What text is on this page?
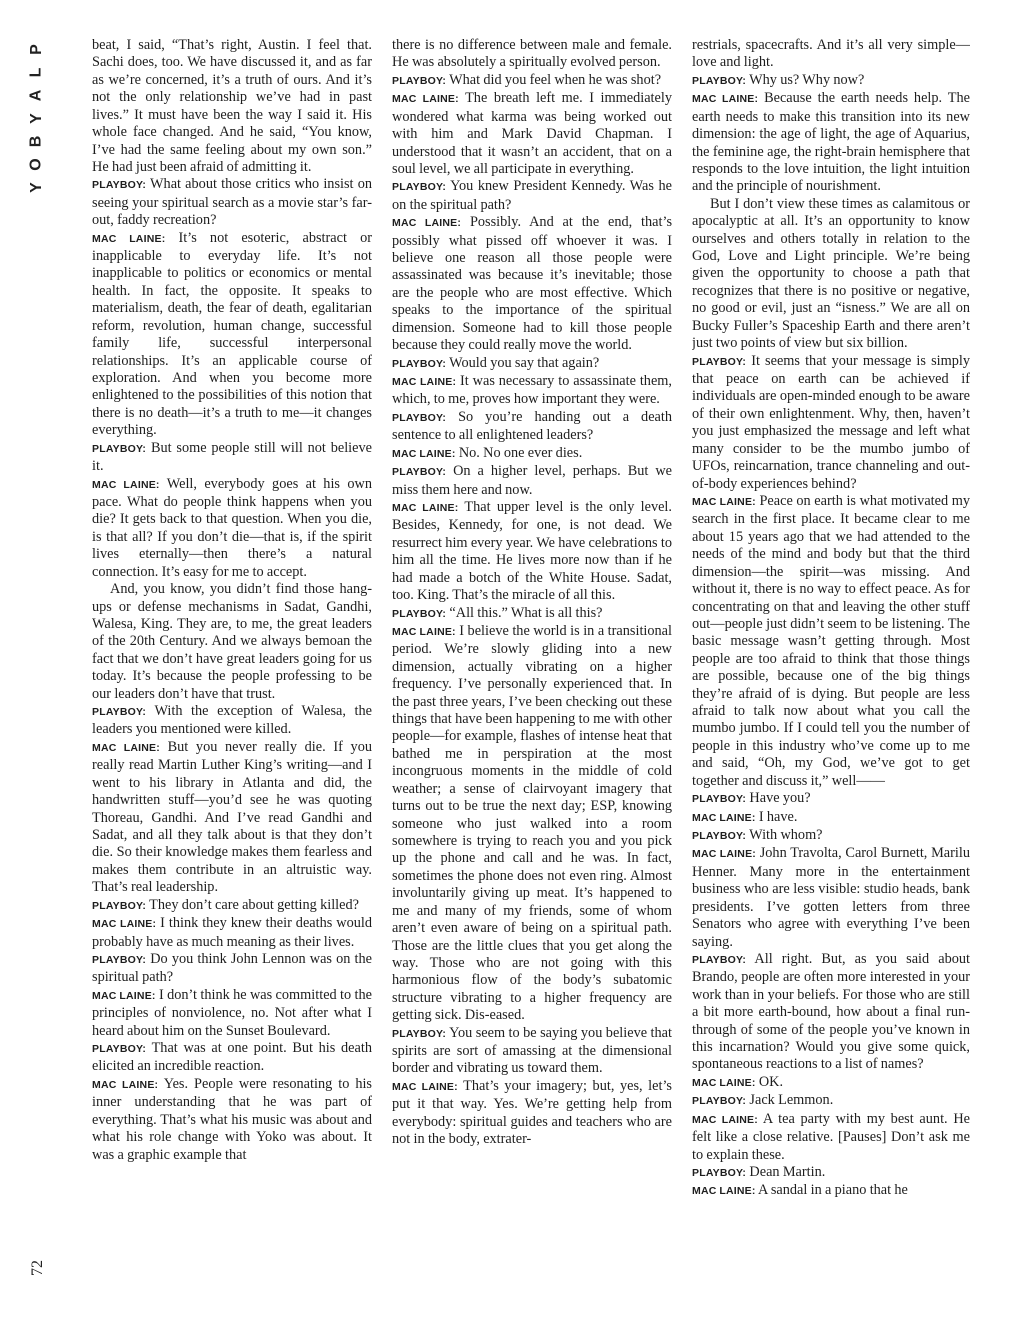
P
L
A
Y
B
O
Y

beat, I said, “That’s right, Austin. I feel that. Sachi does, too. We have discussed it, and as far as we’re concerned, it’s a truth of ours. And it’s not the only relationship we’ve had in past lives.” It must have been the way I said it. His whole face changed. And he said, “You know, I’ve had the same feeling about my own son.” He had just been afraid of admitting it.

PLAYBOY: What about those critics who insist on seeing your spiritual search as a movie star’s far-out, faddy recreation?

MAC LAINE: It’s not esoteric, abstract or inapplicable to everyday life. It’s not inapplicable to politics or economics or mental health. In fact, the opposite. It speaks to materialism, death, the fear of death, egalitarian reform, revolution, human change, successful family life, successful interpersonal relationships. It’s an applicable course of exploration. And when you become more enlightened to the possibilities of this notion that there is no death—it’s a truth to me—it changes everything.

PLAYBOY: But some people still will not believe it.

MAC LAINE: Well, everybody goes at his own pace. What do people think happens when you die? It gets back to that question. When you die, is that all? If you don’t die—that is, if the spirit lives eternally—then there’s a natural connection. It’s easy for me to accept.

And, you know, you didn’t find those hang-ups or defense mechanisms in Sadat, Gandhi, Walesa, King. They are, to me, the great leaders of the 20th Century. And we always bemoan the fact that we don’t have great leaders going for us today. It’s because the people professing to be our leaders don’t have that trust.

PLAYBOY: With the exception of Walesa, the leaders you mentioned were killed.

MAC LAINE: But you never really die. If you really read Martin Luther King’s writing—and I went to his library in Atlanta and did, the handwritten stuff—you’d see he was quoting Thoreau, Gandhi. And I’ve read Gandhi and Sadat, and all they talk about is that they don’t die. So their knowledge makes them fearless and makes them contribute in an altruistic way. That’s real leadership.

PLAYBOY: They don’t care about getting killed?

MAC LAINE: I think they knew their deaths would probably have as much meaning as their lives.

PLAYBOY: Do you think John Lennon was on the spiritual path?

MAC LAINE: I don’t think he was committed to the principles of nonviolence, no. Not after what I heard about him on the Sunset Boulevard.

PLAYBOY: That was at one point. But his death elicited an incredible reaction.

MAC LAINE: Yes. People were resonating to his inner understanding that he was part of everything. That’s what his music was about and what his role change with Yoko was about. It was a graphic example that

there is no difference between male and female. He was absolutely a spiritually evolved person.

PLAYBOY: What did you feel when he was shot?

MAC LAINE: The breath left me. I immediately wondered what karma was being worked out with him and Mark David Chapman. I understood that it wasn’t an accident, that on a soul level, we all participate in everything.

PLAYBOY: You knew President Kennedy. Was he on the spiritual path?

MAC LAINE: Possibly. And at the end, that’s possibly what pissed off whoever it was. I believe one reason all those people were assassinated was because it’s inevitable; those are the people who are most effective. Which speaks to the importance of the spiritual dimension. Someone had to kill those people because they could really move the world.

PLAYBOY: Would you say that again?

MAC LAINE: It was necessary to assassinate them, which, to me, proves how important they were.

PLAYBOY: So you’re handing out a death sentence to all enlightened leaders?

MAC LAINE: No. No one ever dies.

PLAYBOY: On a higher level, perhaps. But we miss them here and now.

MAC LAINE: That upper level is the only level. Besides, Kennedy, for one, is not dead. We resurrect him every year. We have celebrations to him all the time. He lives more now than if he had made a botch of the White House. Sadat, too. King. That’s the miracle of all this.

PLAYBOY: “All this.” What is all this?

MAC LAINE: I believe the world is in a transitional period. We’re slowly gliding into a new dimension, actually vibrating on a higher frequency. I’ve personally experienced that. In the past three years, I’ve been checking out these things that have been happening to me with other people—for example, flashes of intense heat that bathed me in perspiration at the most incongruous moments in the middle of cold weather; a sense of clairvoyant imagery that turns out to be true the next day; ESP, knowing someone who just walked into a room somewhere is trying to reach you and you pick up the phone and call and he was. In fact, sometimes the phone does not even ring. Almost involuntarily giving up meat. It’s happened to me and many of my friends, some of whom aren’t even aware of being on a spiritual path. Those are the little clues that you get along the way. Those who are not going with this harmonious flow of the body’s subatomic structure vibrating to a higher frequency are getting sick. Dis-eased.

PLAYBOY: You seem to be saying you believe that spirits are sort of amassing at the dimensional border and vibrating us toward them.

MAC LAINE: That’s your imagery; but, yes, let’s put it that way. Yes. We’re getting help from everybody: spiritual guides and teachers who are not in the body, extrater-

restrials, spacecrafts. And it’s all very simple—love and light.

PLAYBOY: Why us? Why now?

MAC LAINE: Because the earth needs help. The earth needs to make this transition into its new dimension: the age of light, the age of Aquarius, the feminine age, the right-brain hemisphere that responds to the love intuition, the light intuition and the principle of nourishment.

But I don’t view these times as calamitous or apocalyptic at all. It’s an opportunity to know ourselves and others totally in relation to the God, Love and Light principle. We’re being given the opportunity to choose a path that recognizes that there is no positive or negative, no good or evil, just an “isness.” We are all on Bucky Fuller’s Spaceship Earth and there aren’t just two points of view but six billion.

PLAYBOY: It seems that your message is simply that peace on earth can be achieved if individuals are open-minded enough to be aware of their own enlightenment. Why, then, haven’t you just emphasized the message and left what many consider to be the mumbo jumbo of UFOs, reincarnation, trance channeling and out-of-body experiences behind?

MAC LAINE: Peace on earth is what motivated my search in the first place. It became clear to me about 15 years ago that we had attended to the needs of the mind and body but that the third dimension—the spirit—was missing. And without it, there is no way to effect peace. As for concentrating on that and leaving the other stuff out—people just didn’t seem to be listening. The basic message wasn’t getting through. Most people are too afraid to think that those things are possible, because one of the big things they’re afraid of is dying. But people are less afraid to talk now about what you call the mumbo jumbo. If I could tell you the number of people in this industry who’ve come up to me and said, “Oh, my God, we’ve got to get together and discuss it,” well——

PLAYBOY: Have you?

MAC LAINE: I have.

PLAYBOY: With whom?

MAC LAINE: John Travolta, Carol Burnett, Marilu Henner. Many more in the entertainment business who are less visible: studio heads, bank presidents. I’ve gotten letters from three Senators who agree with everything I’ve been saying.

PLAYBOY: All right. But, as you said about Brando, people are often more interested in your work than in your beliefs. For those who are still a bit more earth-bound, how about a final run-through of some of the people you’ve known in this incarnation? Would you give some quick, spontaneous reactions to a list of names?

MAC LAINE: OK.

PLAYBOY: Jack Lemmon.

MAC LAINE: A tea party with my best aunt. He felt like a close relative. [Pauses] Don’t ask me to explain these.

PLAYBOY: Dean Martin.

MAC LAINE: A sandal in a piano that he

72
